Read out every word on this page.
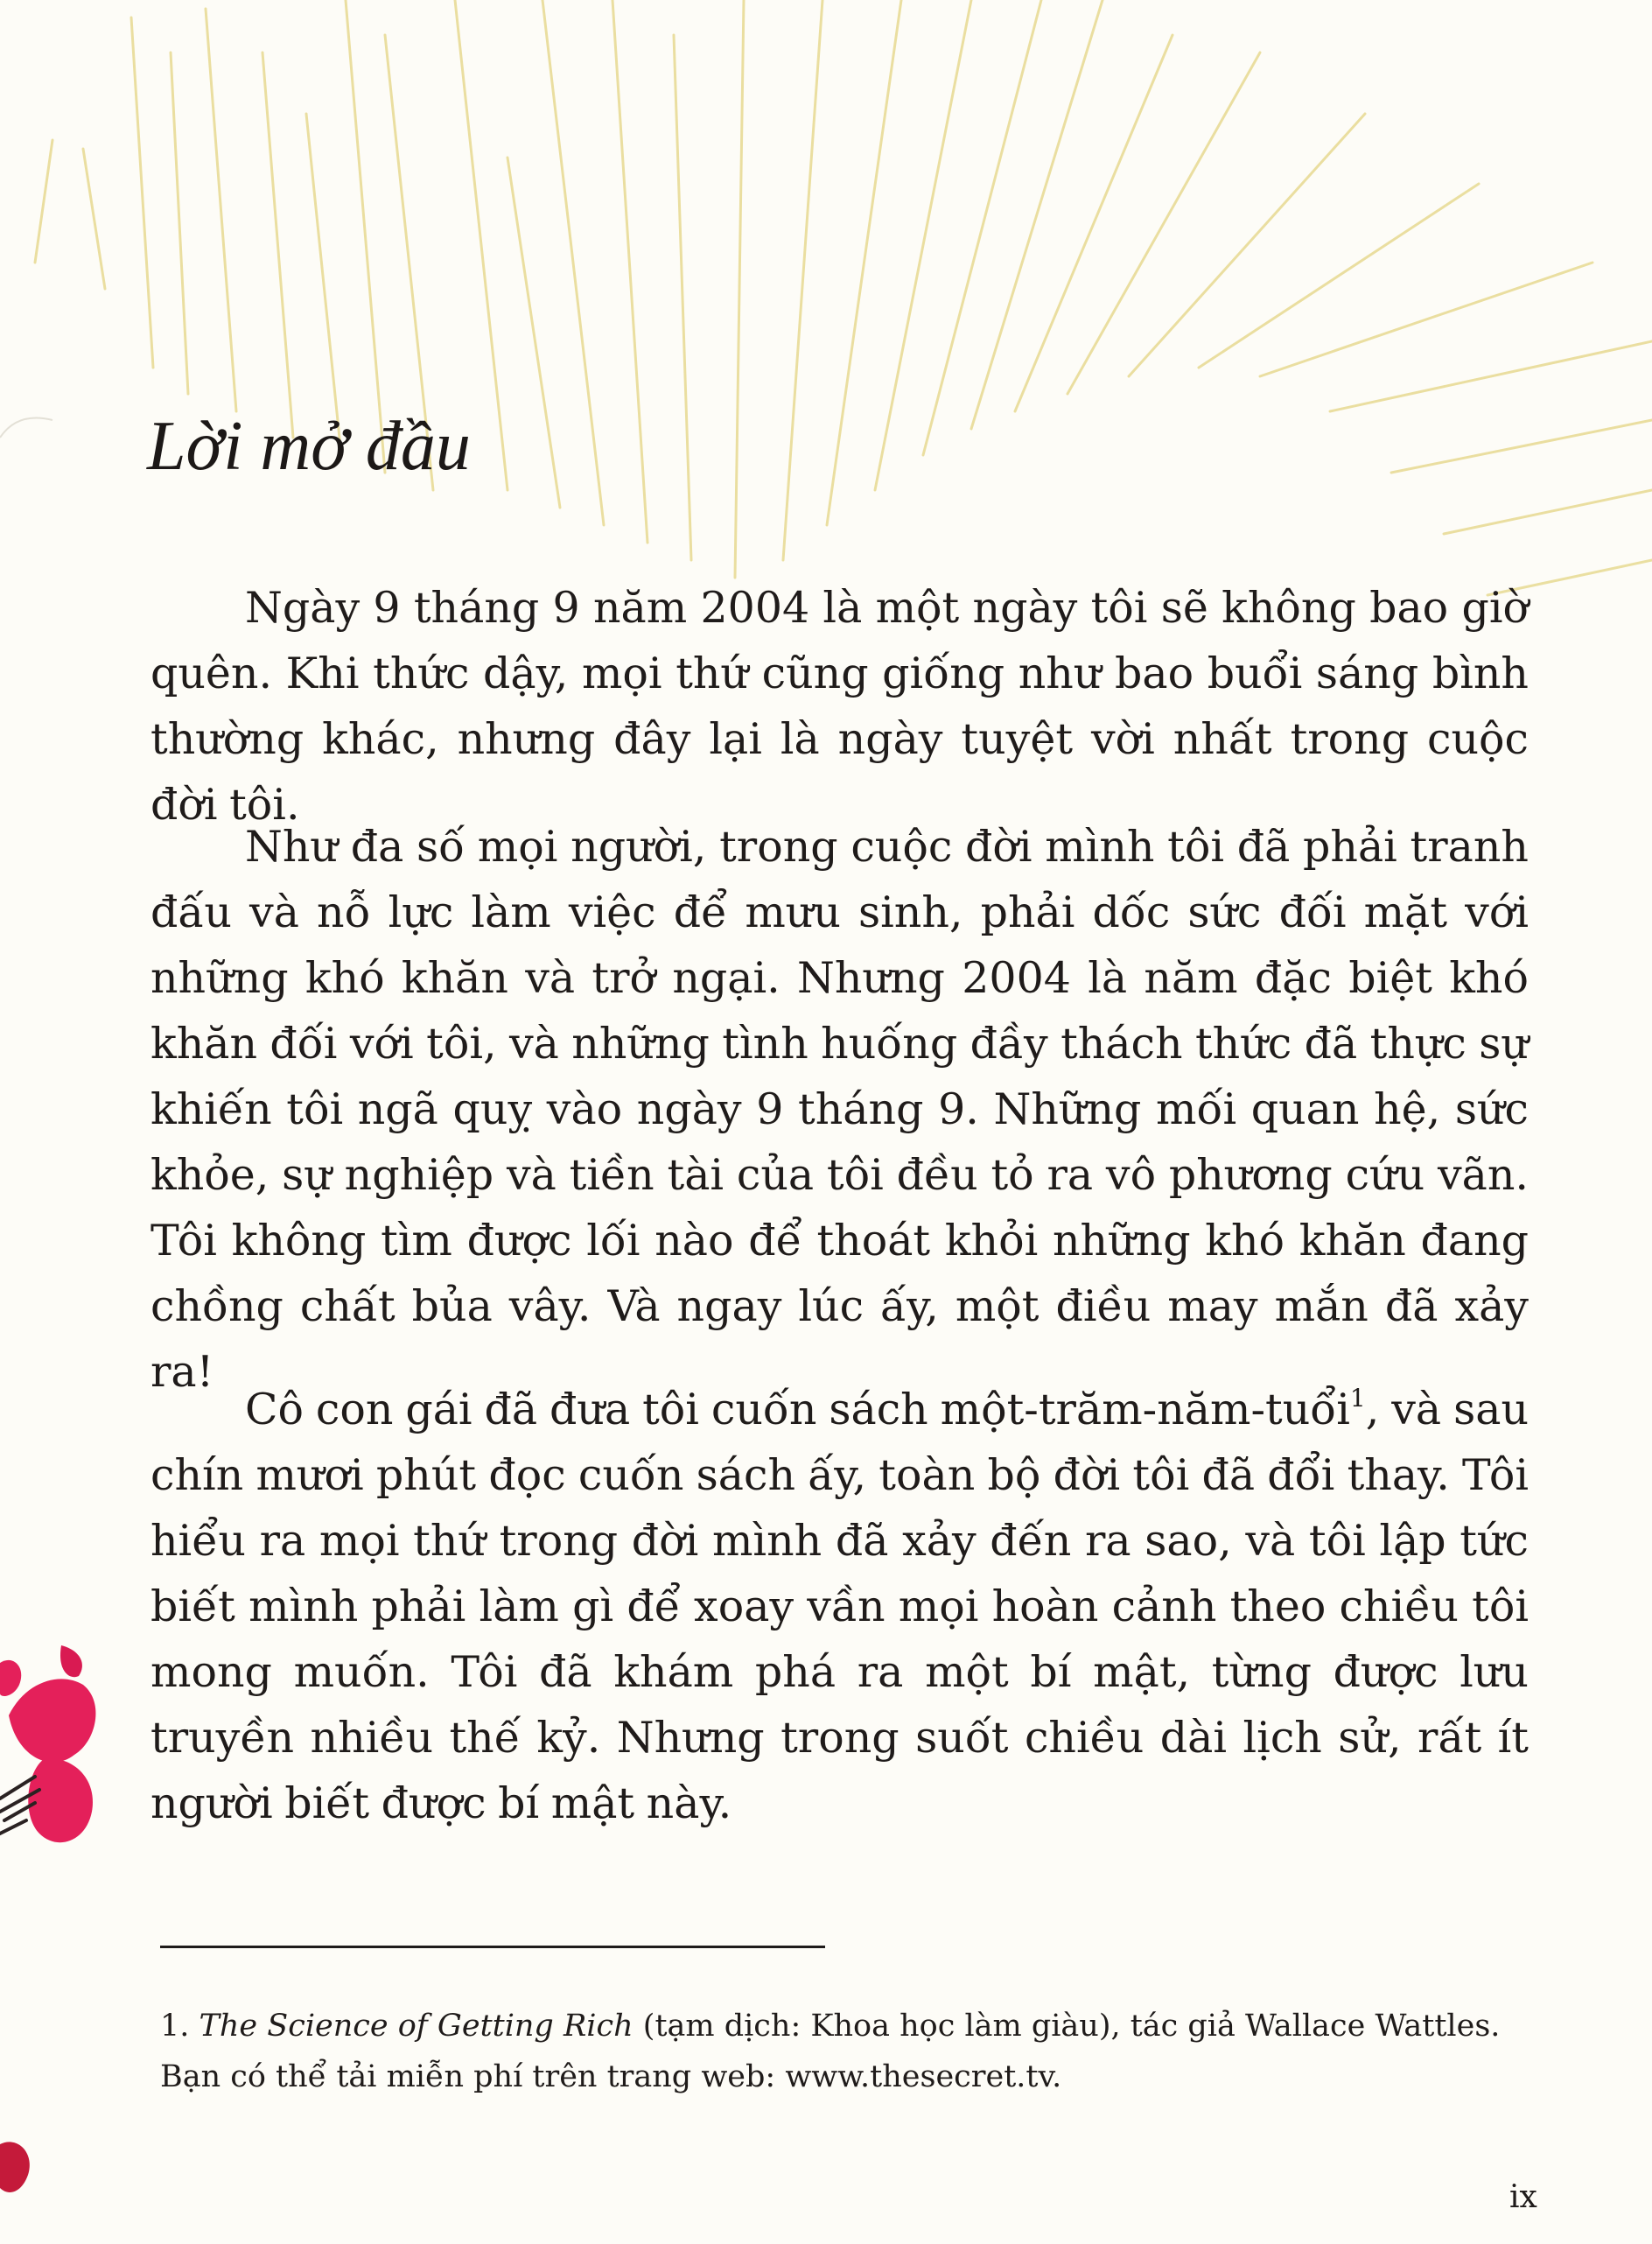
Lời mở đầu

Ngày 9 tháng 9 năm 2004 là một ngày tôi sẽ không bao giờ quên. Khi thức dậy, mọi thứ cũng giống như bao buổi sáng bình thường khác, nhưng đây lại là ngày tuyệt vời nhất trong cuộc đời tôi.

Như đa số mọi người, trong cuộc đời mình tôi đã phải tranh đấu và nỗ lực làm việc để mưu sinh, phải dốc sức đối mặt với những khó khăn và trở ngại. Nhưng 2004 là năm đặc biệt khó khăn đối với tôi, và những tình huống đầy thách thức đã thực sự khiến tôi ngã quỵ vào ngày 9 tháng 9. Những mối quan hệ, sức khỏe, sự nghiệp và tiền tài của tôi đều tỏ ra vô phương cứu vãn. Tôi không tìm được lối nào để thoát khỏi những khó khăn đang chồng chất bủa vây. Và ngay lúc ấy, một điều may mắn đã xảy ra!

Cô con gái đã đưa tôi cuốn sách một-trăm-năm-tuổi$^1$, và sau chín mươi phút đọc cuốn sách ấy, toàn bộ đời tôi đã đổi thay. Tôi hiểu ra mọi thứ trong đời mình đã xảy đến ra sao, và tôi lập tức biết mình phải làm gì để xoay vần mọi hoàn cảnh theo chiều tôi mong muốn. Tôi đã khám phá ra một bí mật, từng được lưu truyền nhiều thế kỷ. Nhưng trong suốt chiều dài lịch sử, rất ít người biết được bí mật này.

1. The Science of Getting Rich (tạm dịch: Khoa học làm giàu), tác giả Wallace Wattles. Bạn có thể tải miễn phí trên trang web: www.thesecret.tv.

ix
